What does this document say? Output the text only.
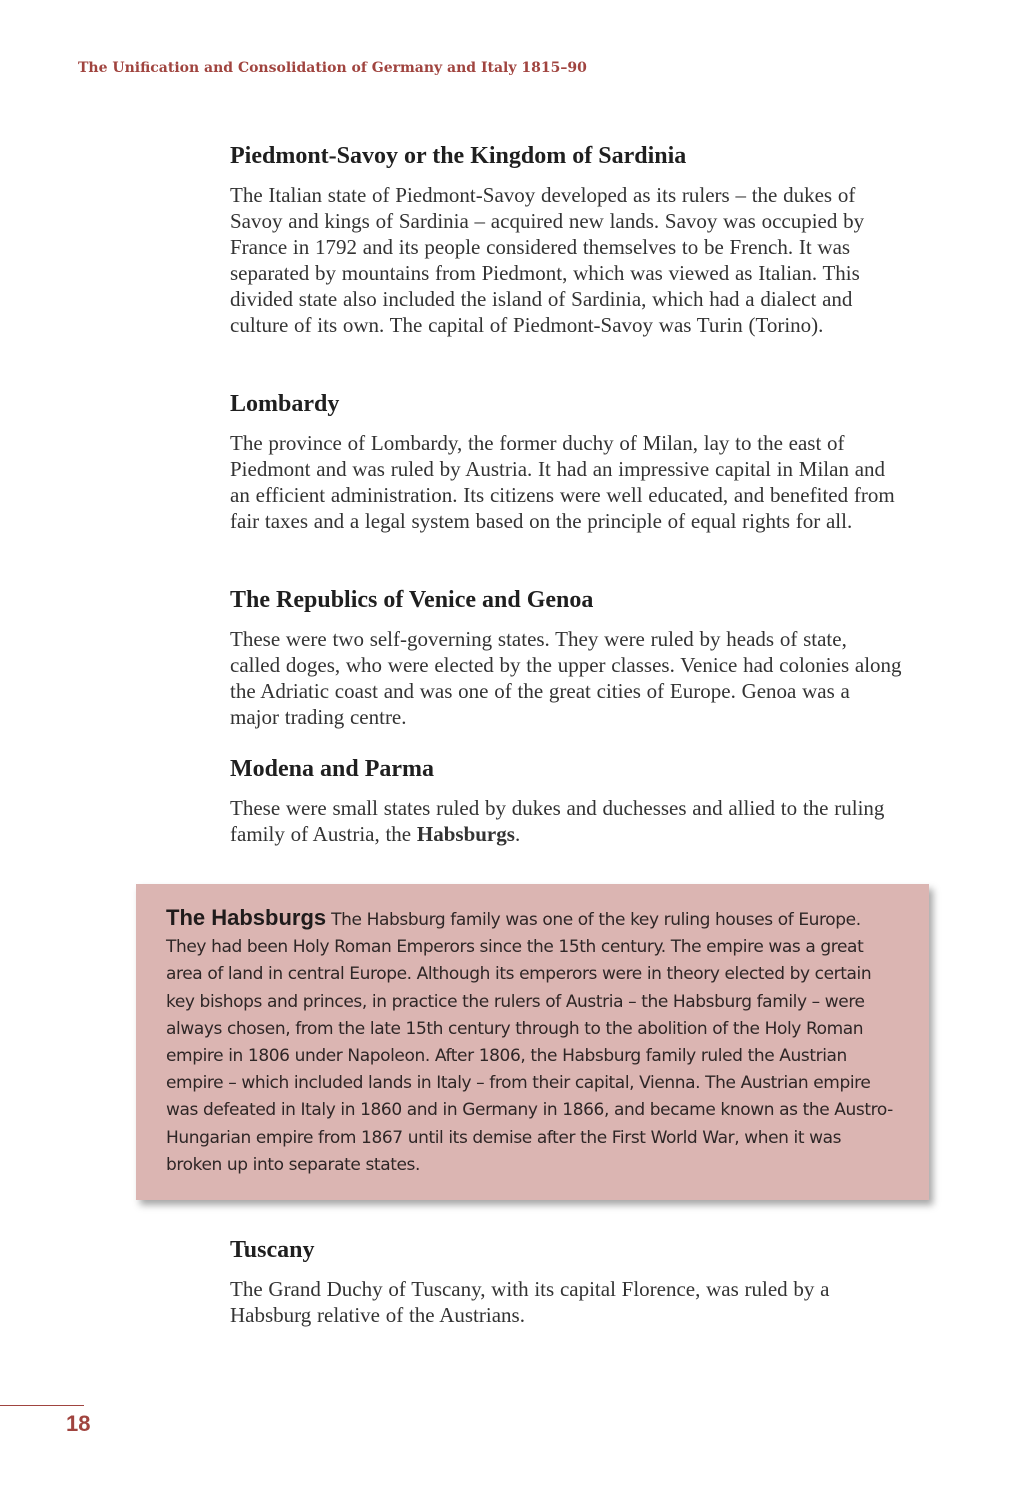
The Unification and Consolidation of Germany and Italy 1815–90
Piedmont-Savoy or the Kingdom of Sardinia

The Italian state of Piedmont-Savoy developed as its rulers – the dukes of Savoy and kings of Sardinia – acquired new lands. Savoy was occupied by France in 1792 and its people considered themselves to be French. It was separated by mountains from Piedmont, which was viewed as Italian. This divided state also included the island of Sardinia, which had a dialect and culture of its own. The capital of Piedmont-Savoy was Turin (Torino).

Lombardy

The province of Lombardy, the former duchy of Milan, lay to the east of Piedmont and was ruled by Austria. It had an impressive capital in Milan and an efficient administration. Its citizens were well educated, and benefited from fair taxes and a legal system based on the principle of equal rights for all.

The Republics of Venice and Genoa

These were two self-governing states. They were ruled by heads of state, called doges, who were elected by the upper classes. Venice had colonies along the Adriatic coast and was one of the great cities of Europe. Genoa was a major trading centre.

Modena and Parma

These were small states ruled by dukes and duchesses and allied to the ruling family of Austria, the Habsburgs.

The Habsburgs The Habsburg family was one of the key ruling houses of Europe. They had been Holy Roman Emperors since the 15th century. The empire was a great area of land in central Europe. Although its emperors were in theory elected by certain key bishops and princes, in practice the rulers of Austria – the Habsburg family – were always chosen, from the late 15th century through to the abolition of the Holy Roman empire in 1806 under Napoleon. After 1806, the Habsburg family ruled the Austrian empire – which included lands in Italy – from their capital, Vienna. The Austrian empire was defeated in Italy in 1860 and in Germany in 1866, and became known as the Austro-Hungarian empire from 1867 until its demise after the First World War, when it was broken up into separate states.

Tuscany

The Grand Duchy of Tuscany, with its capital Florence, was ruled by a Habsburg relative of the Austrians.

18
